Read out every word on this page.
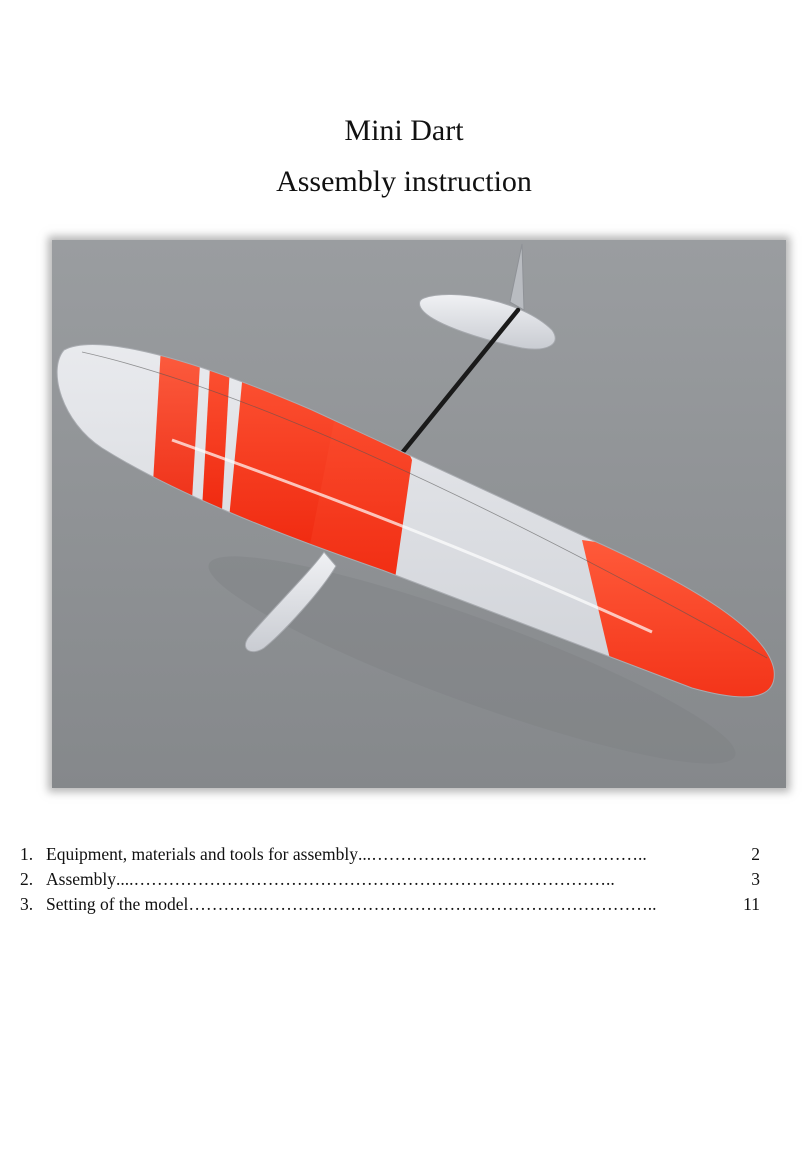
Mini Dart
Assembly instruction
1. Equipment, materials and tools for assembly ...………….……………………………..	2
2. Assembly ....………………………………………………………………………..	3
3. Setting of the model ………….…………………………………………………………..	11
